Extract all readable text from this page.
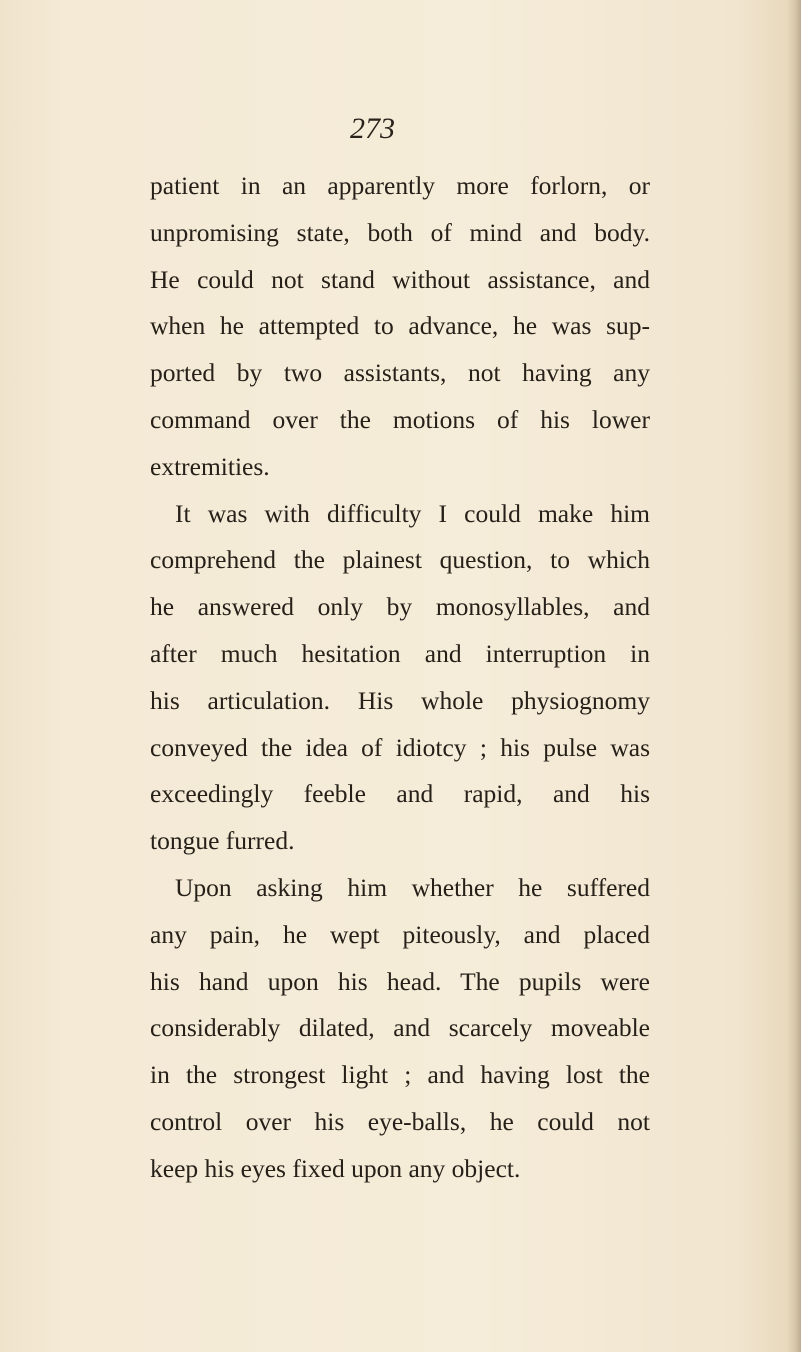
273
patient in an apparently more forlorn, or
unpromising state, both of mind and body.
He could not stand without assistance, and
when he attempted to advance, he was sup-
ported by two assistants, not having any
command over the motions of his lower
extremities.
It was with difficulty I could make him
comprehend the plainest question, to which
he answered only by monosyllables, and
after much hesitation and interruption in
his articulation. His whole physiognomy
conveyed the idea of idiotcy ; his pulse was
exceedingly feeble and rapid, and his
tongue furred.
Upon asking him whether he suffered
any pain, he wept piteously, and placed
his hand upon his head. The pupils were
considerably dilated, and scarcely moveable
in the strongest light ; and having lost the
control over his eye-balls, he could not
keep his eyes fixed upon any object.
